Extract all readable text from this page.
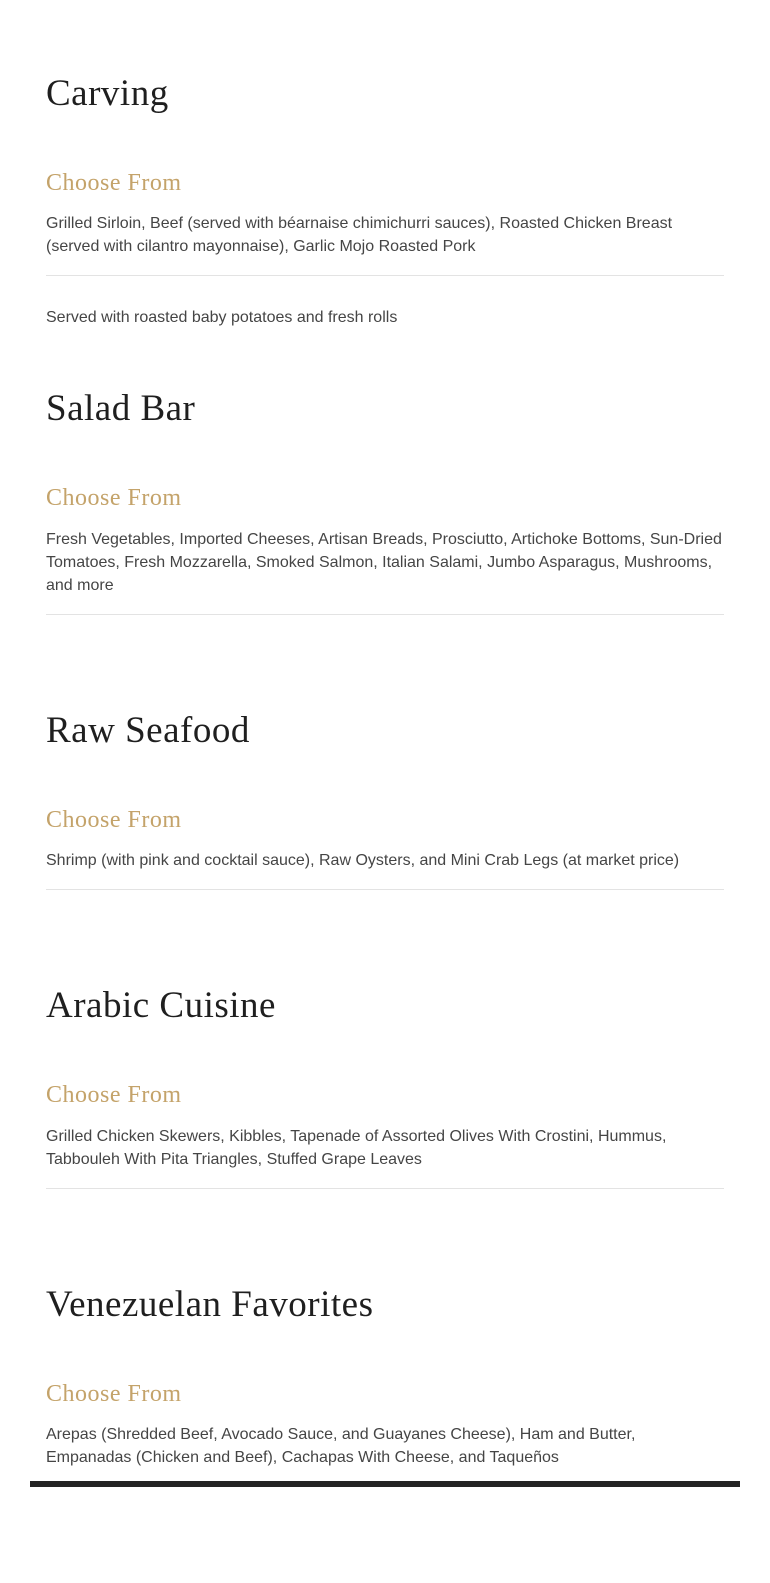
Carving
Choose From

Grilled Sirloin, Beef (served with béarnaise chimichurri sauces), Roasted Chicken Breast (served with cilantro mayonnaise), Garlic Mojo Roasted Pork

Served with roasted baby potatoes and fresh rolls

Salad Bar
Choose From

Fresh Vegetables, Imported Cheeses, Artisan Breads, Prosciutto, Artichoke Bottoms, Sun-Dried Tomatoes, Fresh Mozzarella, Smoked Salmon, Italian Salami, Jumbo Asparagus, Mushrooms, and more

Raw Seafood
Choose From

Shrimp (with pink and cocktail sauce), Raw Oysters, and Mini Crab Legs (at market price)

Arabic Cuisine
Choose From

Grilled Chicken Skewers, Kibbles, Tapenade of Assorted Olives With Crostini, Hummus, Tabbouleh With Pita Triangles, Stuffed Grape Leaves

Venezuelan Favorites
Choose From

Arepas (Shredded Beef, Avocado Sauce, and Guayanes Cheese), Ham and Butter, Empanadas (Chicken and Beef), Cachapas With Cheese, and Taqueños
